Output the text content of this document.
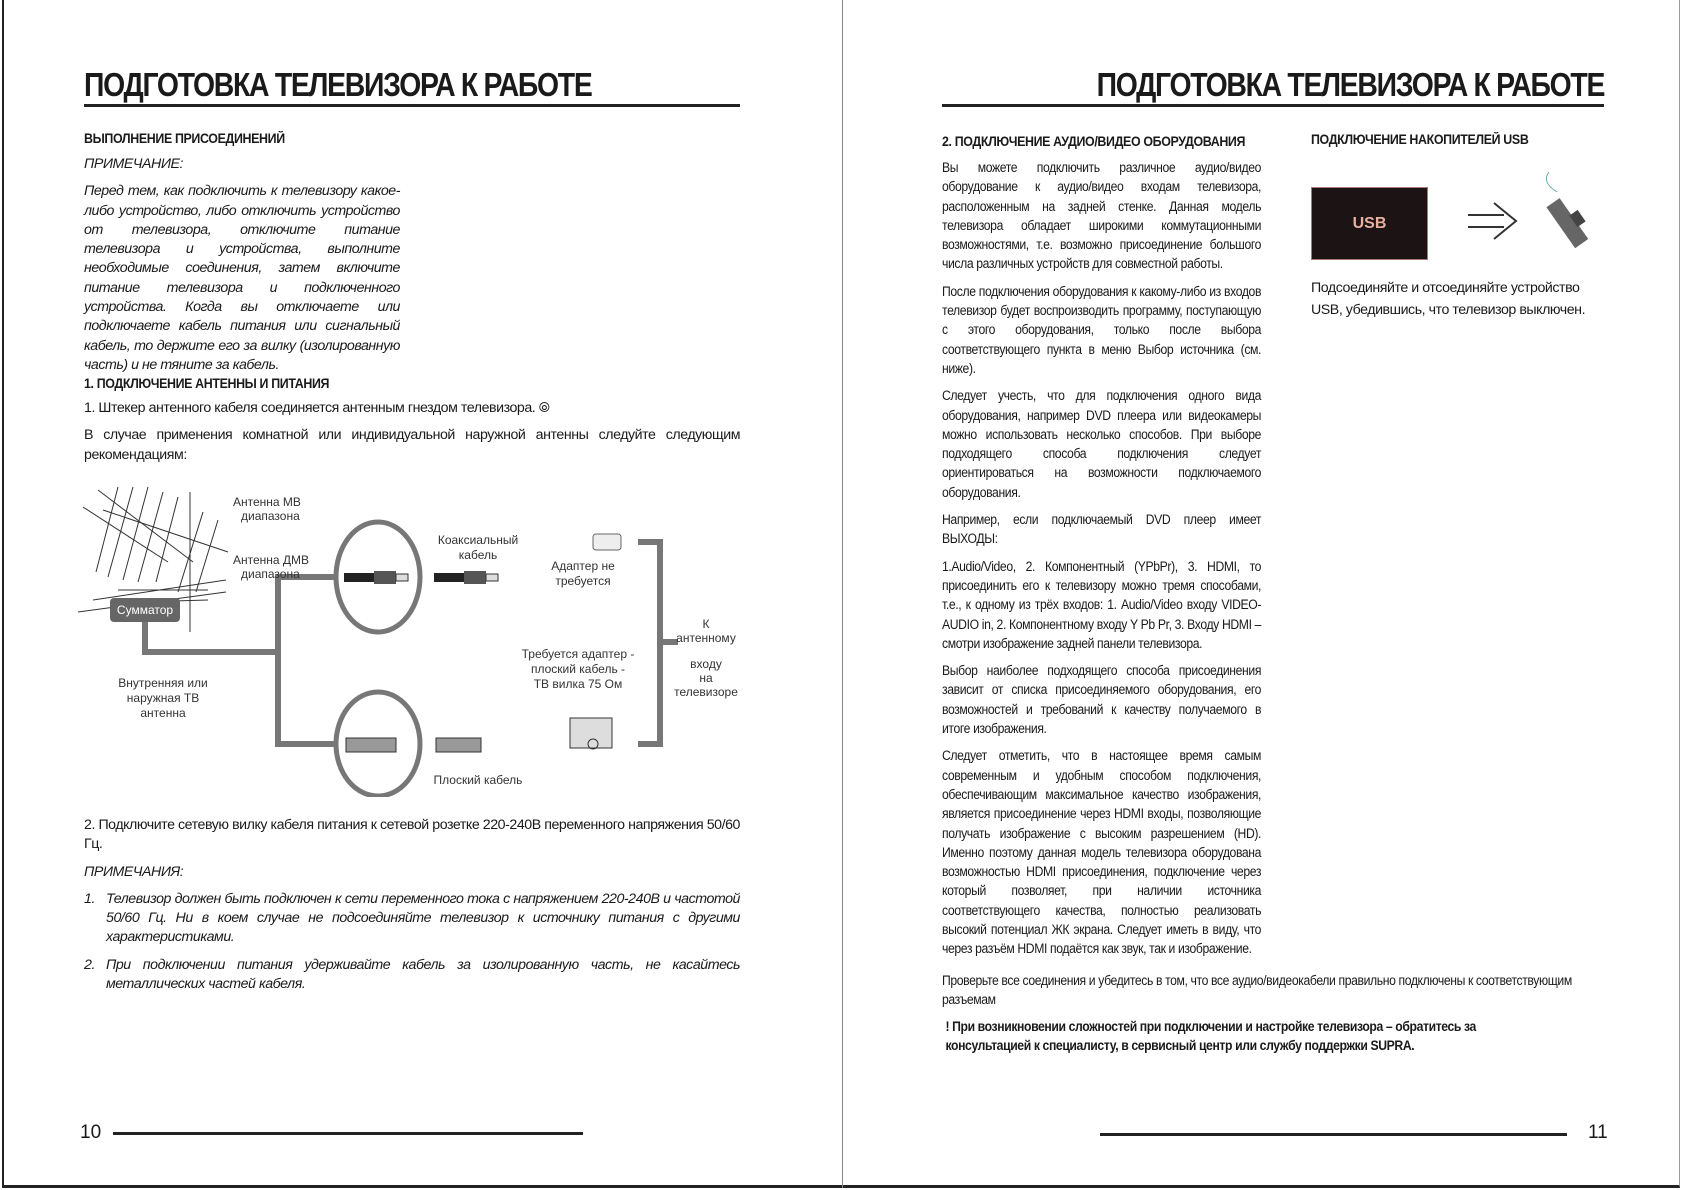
ПОДГОТОВКА ТЕЛЕВИЗОРА К РАБОТЕ
ВЫПОЛНЕНИЕ ПРИСОЕДИНЕНИЙ
ПРИМЕЧАНИЕ:
Перед тем, как подключить к телевизору какое-либо устройство, либо отключить устройство от телевизора, отключите питание телевизора и устройства, выполните необходимые соединения, затем включите питание телевизора и подключенного устройства. Когда вы отключаете или подключаете кабель питания или сигнальный кабель, то держите его за вилку (изолированную часть) и не тяните за кабель.
1. ПОДКЛЮЧЕНИЕ АНТЕННЫ И ПИТАНИЯ
1. Штекер антенного кабеля соединяется антенным гнездом телевизора. ⦾
В случае применения комнатной или индивидуальной наружной антенны следуйте следующим рекомендациям:
Сумматор
Антенна МВ
диапазона
Антенна ДМВ
диапазона
Внутренняя или
наружная ТВ
антенна
Коаксиальный
кабель
Адаптер не
требуется
К
антенному
входу
на
телевизоре
Требуется адаптер -
плоский кабель -
ТВ вилка 75 Ом
Плоский кабель
2. Подключите сетевую вилку кабеля питания к сетевой розетке 220-240В переменного напряжения 50/60 Гц.
ПРИМЕЧАНИЯ:
1. Телевизор должен быть подключен к сети переменного тока с напряжением 220-240В и частотой 50/60 Гц. Ни в коем случае не подсоединяйте телевизор к источнику питания с другими характеристиками.
2. При подключении питания удерживайте кабель за изолированную часть, не касайтесь металлических частей кабеля.
10
ПОДГОТОВКА ТЕЛЕВИЗОРА К РАБОТЕ
2. ПОДКЛЮЧЕНИЕ АУДИО/ВИДЕО ОБОРУДОВАНИЯ
Вы можете подключить различное аудио/видео оборудование к аудио/видео входам телевизора, расположенным на задней стенке. Данная модель телевизора обладает широкими коммутационными возможностями, т.е. возможно присоединение большого числа различных устройств для совместной работы.
После подключения оборудования к какому-либо из входов телевизор будет воспроизводить программу, поступающую с этого оборудования, только после выбора соответствующего пункта в меню Выбор источника (см. ниже).
Следует учесть, что для подключения одного вида оборудования, например DVD плеера или видеокамеры можно использовать несколько способов. При выборе подходящего способа подключения следует ориентироваться на возможности подключаемого оборудования.
Например, если подключаемый DVD плеер имеет ВЫХОДЫ:
1.Audio/Video, 2. Компонентный (YPbPr), 3. HDMI, то присоединить его к телевизору можно тремя способами, т.е., к одному из трёх входов: 1. Audio/Video входу VIDEO-AUDIO in, 2. Компонентному входу Y Pb Pr, 3. Входу HDMI – смотри изображение задней панели телевизора.
Выбор наиболее подходящего способа присоединения зависит от списка присоединяемого оборудования, его возможностей и требований к качеству получаемого в итоге изображения.
Следует отметить, что в настоящее время самым современным и удобным способом подключения, обеспечивающим максимальное качество изображения, является присоединение через HDMI входы, позволяющие получать изображение с высоким разрешением (HD). Именно поэтому данная модель телевизора оборудована возможностью HDMI присоединения, подключение через который позволяет, при наличии источника соответствующего качества, полностью реализовать высокий потенциал ЖК экрана. Следует иметь в виду, что через разъём HDMI подаётся как звук, так и изображение.
Проверьте все соединения и убедитесь в том, что все аудио/видеокабели правильно подключены к соответствующим разъемам
! При возникновении сложностей при подключении и настройке телевизора – обратитесь за консультацией к специалисту, в сервисный центр или службу поддержки SUPRA.
ПОДКЛЮЧЕНИЕ НАКОПИТЕЛЕЙ USB
USB
Подсоединяйте и отсоединяйте устройство USB, убедившись, что телевизор выключен.
11
